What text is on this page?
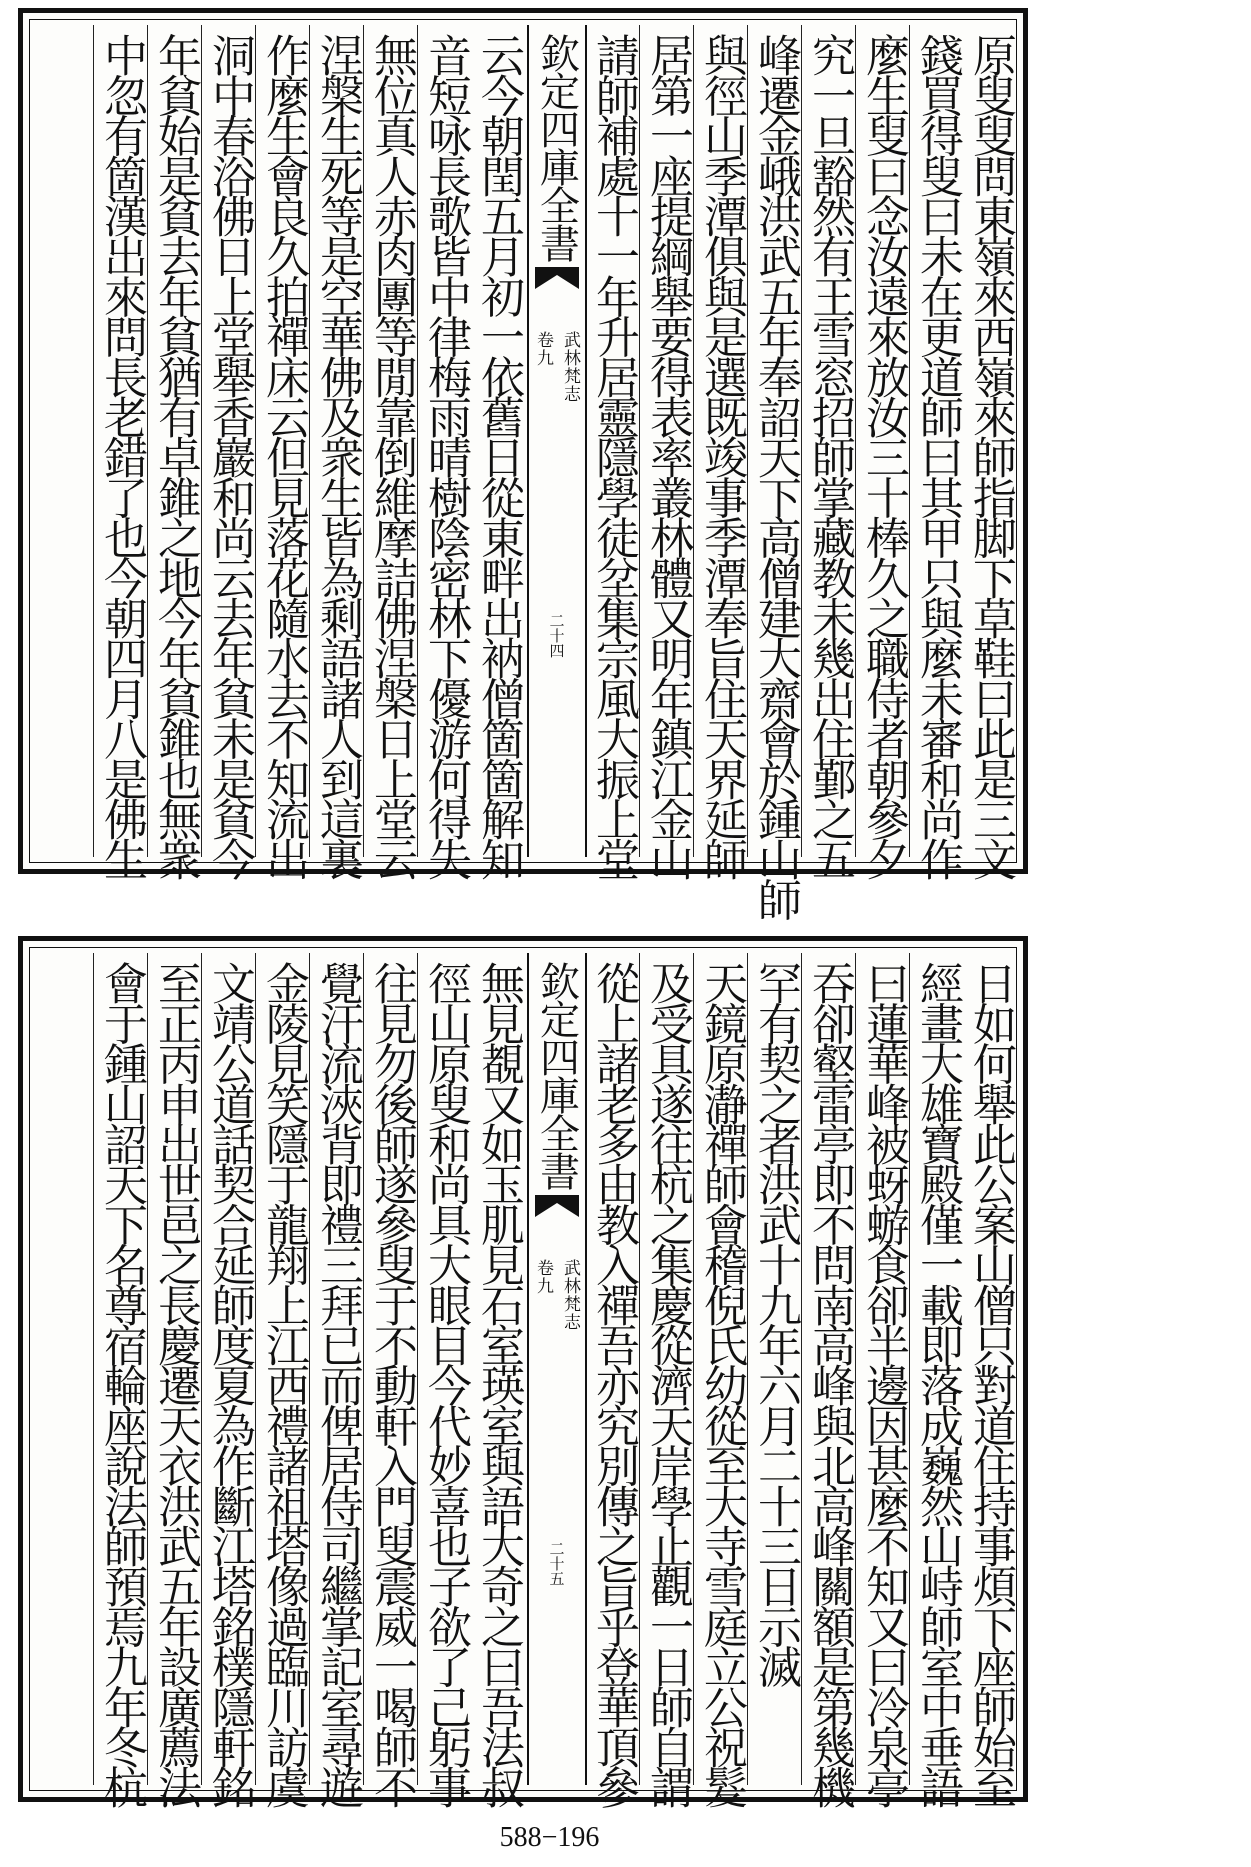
原叟叟問東嶺來西嶺來師指脚下草鞋曰此是三文
錢買得叟曰未在更道師曰其甲只與麼未審和尚作
麼生叟曰念汝遠來放汝三十棒久之職侍者朝參夕
究一旦豁然有王雪窓招師掌藏教未幾出住鄞之五
峰遷金峨洪武五年奉詔天下高僧建大齋會於鍾山師
與徑山季潭俱與是選既竣事季潭奉旨住天界延師
居第一座提綱舉要得表率叢林體又明年鎮江金山
請師補處十一年升居靈隱學徒坌集宗風大振上堂
欽定四庫全書
武林梵志
卷九
二十四
云今朝閏五月初一依舊日從東畔出衲僧箇箇解知
音短咏長歌皆中律梅雨晴樹陰密林下優游何得失
無位真人赤肉團等閒靠倒維摩詰佛涅槃日上堂云
涅槃生死等是空華佛及衆生皆為剩語諸人到這裏
作麼生會良久拍禪床云但見落花隨水去不知流出
洞中春浴佛日上堂舉香巖和尚云去年貧未是貧今
年貧始是貧去年貧猶有卓錐之地今年貧錐也無衆
中忽有箇漢出來問長老錯了也今朝四月八是佛生
日如何舉此公案山僧只對道住持事煩下座師始至
經畫大雄寶殿僅一載即落成巍然山峙師室中垂語
曰蓮華峰被蚜蝣食卻半邊因甚麼不知又曰冷泉亭
吞卻壑雷亭即不問南高峰與北高峰關額是第幾機
罕有契之者洪武十九年六月二十三日示滅
天鏡原瀞禪師會稽倪氏幼從至大寺雪庭立公祝髮
及受具遂往杭之集慶從濟天岸學止觀一日師自謂
從上諸老多由教入禪吾亦究別傳之旨乎登華頂參
欽定四庫全書
武林梵志
卷九
二十五
無見覩又如玉肌見石室瑛室與語大奇之曰吾法叔
徑山原叟和尚具大眼目今代妙喜也子欲了己躬事
往見勿後師遂參叟于不動軒入門叟震威一喝師不
覺汗流浹背即禮三拜已而俾居侍司繼掌記室尋遊
金陵見笑隱于龍翔上江西禮諸祖塔像過臨川訪虞
文靖公道話契合延師度夏為作斷江塔銘樸隱軒銘
至正丙申出世邑之長慶遷天衣洪武五年設廣薦法
會于鍾山詔天下名尊宿輪座說法師預焉九年冬杭
588−196
